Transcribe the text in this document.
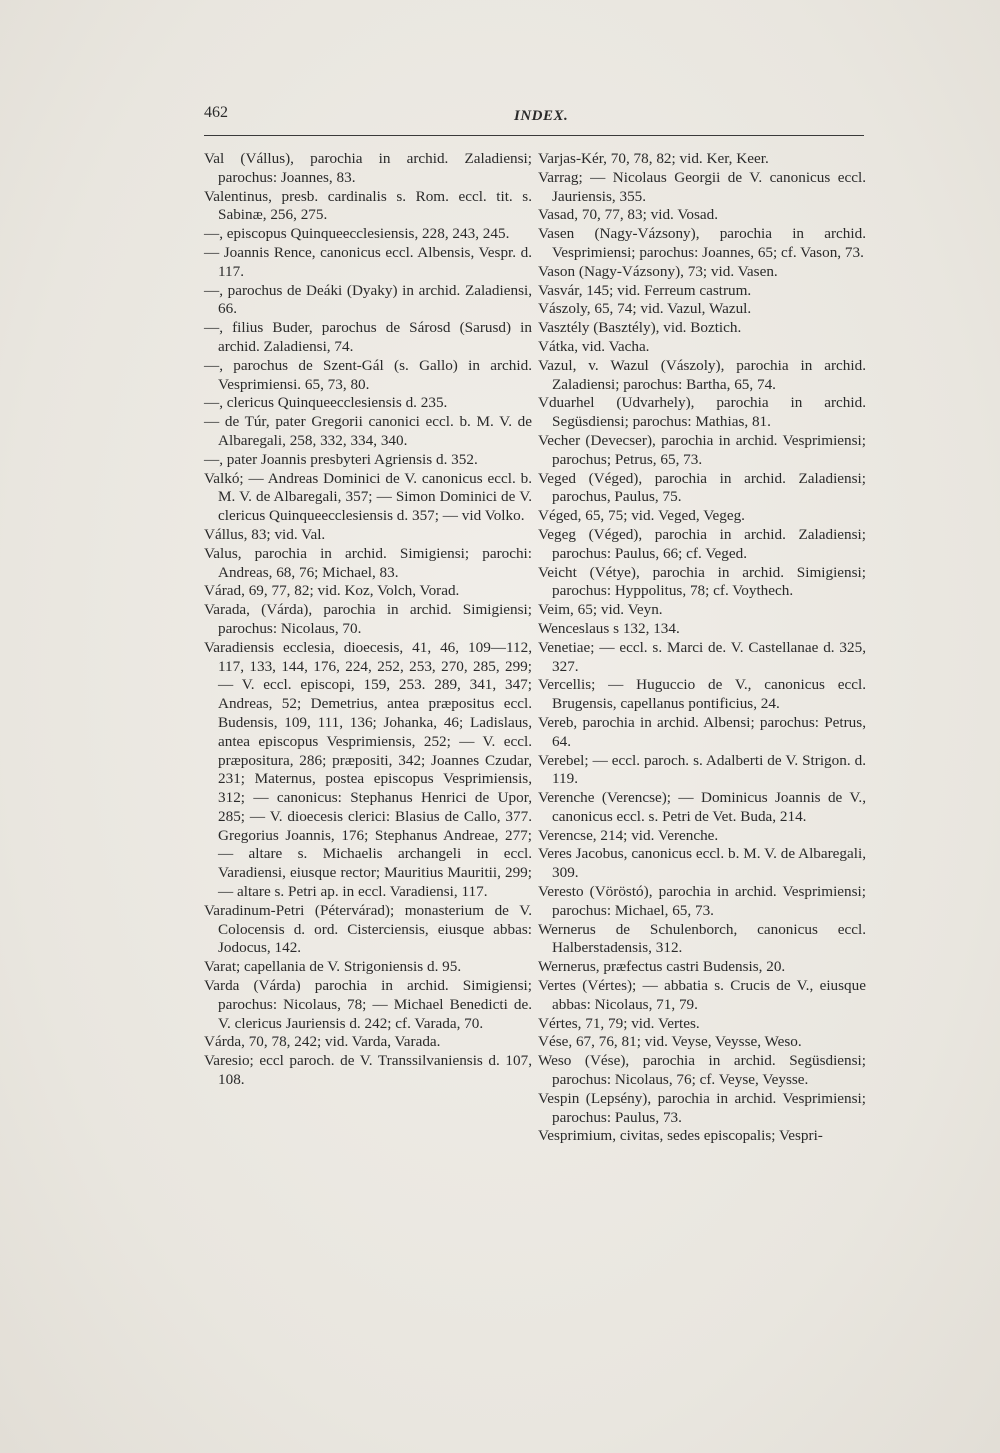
462	INDEX.

Val (Vállus), parochia in archid. Zaladiensi; parochus: Joannes, 83.

Valentinus, presb. cardinalis s. Rom. eccl. tit. s. Sabinæ, 256, 275.

—, episcopus Quinqueecclesiensis, 228, 243, 245.

— Joannis Rence, canonicus eccl. Albensis, Vespr. d. 117.

—, parochus de Deáki (Dyaky) in archid. Zaladiensi, 66.

—, filius Buder, parochus de Sárosd (Sarusd) in archid. Zaladiensi, 74.

—, parochus de Szent-Gál (s. Gallo) in archid. Vesprimiensi. 65, 73, 80.

—, clericus Quinqueecclesiensis d. 235.

— de Túr, pater Gregorii canonici eccl. b. M. V. de Albaregali, 258, 332, 334, 340.

—, pater Joannis presbyteri Agriensis d. 352.

Valkó; — Andreas Dominici de V. canonicus eccl. b. M. V. de Albaregali, 357; — Simon Dominici de V. clericus Quinqueecclesiensis d. 357; — vid Volko.

Vállus, 83; vid. Val.

Valus, parochia in archid. Simigiensi; parochi: Andreas, 68, 76; Michael, 83.

Várad, 69, 77, 82; vid. Koz, Volch, Vorad.

Varada, (Várda), parochia in archid. Simigiensi; parochus: Nicolaus, 70.

Varadiensis ecclesia, dioecesis, 41, 46, 109—112, 117, 133, 144, 176, 224, 252, 253, 270, 285, 299; — V. eccl. episcopi, 159, 253. 289, 341, 347; Andreas, 52; Demetrius, antea præpositus eccl. Budensis, 109, 111, 136; Johanka, 46; Ladislaus, antea episcopus Vesprimiensis, 252; — V. eccl. præpositura, 286; præpositi, 342; Joannes Czudar, 231; Maternus, postea episcopus Vesprimiensis, 312; — canonicus: Stephanus Henrici de Upor, 285; — V. dioecesis clerici: Blasius de Callo, 377. Gregorius Joannis, 176; Stephanus Andreae, 277; — altare s. Michaelis archangeli in eccl. Varadiensi, eiusque rector; Mauritius Mauritii, 299; — altare s. Petri ap. in eccl. Varadiensi, 117.

Varadinum-Petri (Pétervárad); monasterium de V. Colocensis d. ord. Cisterciensis, eiusque abbas: Jodocus, 142.

Varat; capellania de V. Strigoniensis d. 95.

Varda (Várda) parochia in archid. Simigiensi; parochus: Nicolaus, 78; — Michael Benedicti de. V. clericus Jauriensis d. 242; cf. Varada, 70.

Várda, 70, 78, 242; vid. Varda, Varada.

Varesio; eccl paroch. de V. Transsilvaniensis d. 107, 108.

Varjas-Kér, 70, 78, 82; vid. Ker, Keer.

Varrag; — Nicolaus Georgii de V. canonicus eccl. Jauriensis, 355.

Vasad, 70, 77, 83; vid. Vosad.

Vasen (Nagy-Vázsony), parochia in archid. Vesprimiensi; parochus: Joannes, 65; cf. Vason, 73.

Vason (Nagy-Vázsony), 73; vid. Vasen.

Vasvár, 145; vid. Ferreum castrum.

Vászoly, 65, 74; vid. Vazul, Wazul.

Vasztély (Basztély), vid. Boztich.

Vátka, vid. Vacha.

Vazul, v. Wazul (Vászoly), parochia in archid. Zaladiensi; parochus: Bartha, 65, 74.

Vduarhel (Udvarhely), parochia in archid. Següsdiensi; parochus: Mathias, 81.

Vecher (Devecser), parochia in archid. Vesprimiensi; parochus; Petrus, 65, 73.

Veged (Véged), parochia in archid. Zaladiensi; parochus, Paulus, 75.

Véged, 65, 75; vid. Veged, Vegeg.

Vegeg (Véged), parochia in archid. Zaladiensi; parochus: Paulus, 66; cf. Veged.

Veicht (Vétye), parochia in archid. Simigiensi; parochus: Hyppolitus, 78; cf. Voythech.

Veim, 65; vid. Veyn.

Wenceslaus s 132, 134.

Venetiae; — eccl. s. Marci de. V. Castellanae d. 325, 327.

Vercellis; — Huguccio de V., canonicus eccl. Brugensis, capellanus pontificius, 24.

Vereb, parochia in archid. Albensi; parochus: Petrus, 64.

Verebel; — eccl. paroch. s. Adalberti de V. Strigon. d. 119.

Verenche (Verencse); — Dominicus Joannis de V., canonicus eccl. s. Petri de Vet. Buda, 214.

Verencse, 214; vid. Verenche.

Veres Jacobus, canonicus eccl. b. M. V. de Albaregali, 309.

Veresto (Vöröstó), parochia in archid. Vesprimiensi; parochus: Michael, 65, 73.

Wernerus de Schulenborch, canonicus eccl. Halberstadensis, 312.

Wernerus, præfectus castri Budensis, 20.

Vertes (Vértes); — abbatia s. Crucis de V., eiusque abbas: Nicolaus, 71, 79.

Vértes, 71, 79; vid. Vertes.

Vése, 67, 76, 81; vid. Veyse, Veysse, Weso.

Weso (Vése), parochia in archid. Següsdiensi; parochus: Nicolaus, 76; cf. Veyse, Veysse.

Vespin (Lepsény), parochia in archid. Vesprimiensi; parochus: Paulus, 73.

Vesprimium, civitas, sedes episcopalis; Vespri-
